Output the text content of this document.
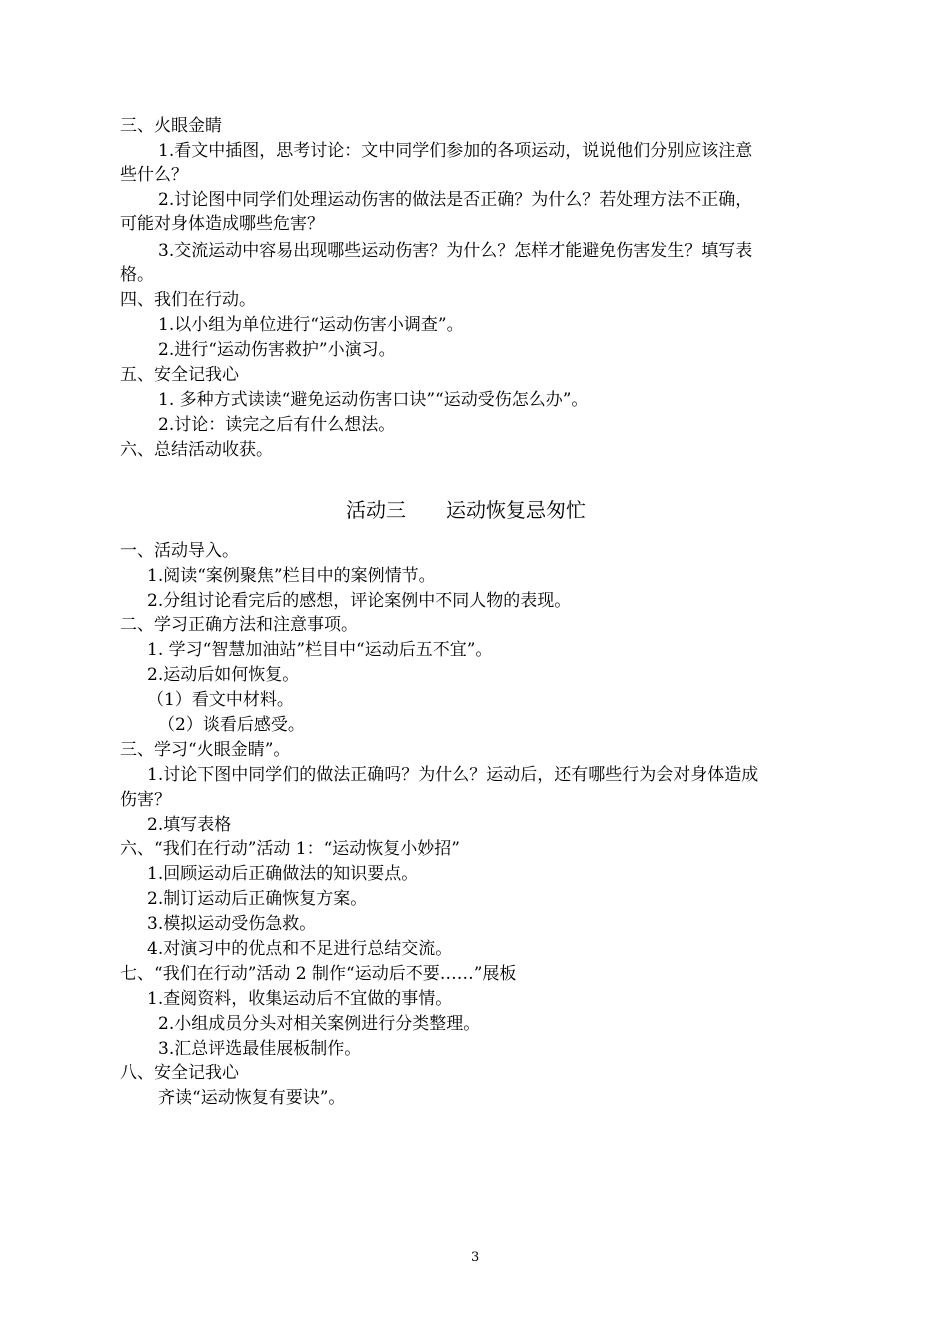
三、火眼金睛
1.看文中插图，思考讨论：文中同学们参加的各项运动，说说他们分别应该注意
些什么？
2.讨论图中同学们处理运动伤害的做法是否正确？为什么？若处理方法不正确，
可能对身体造成哪些危害？
3.交流运动中容易出现哪些运动伤害？为什么？怎样才能避免伤害发生？填写表
格。
四、我们在行动。
1.以小组为单位进行“运动伤害小调查”。
2.进行“运动伤害救护”小演习。
五、安全记我心
1. 多种方式读读“避免运动伤害口诀”“运动受伤怎么办”。
2.讨论：读完之后有什么想法。
六、总结活动收获。
活动三　　运动恢复忌匆忙
一、活动导入。
1.阅读“案例聚焦”栏目中的案例情节。
2.分组讨论看完后的感想，评论案例中不同人物的表现。
二、学习正确方法和注意事项。
1. 学习“智慧加油站”栏目中“运动后五不宜”。
2.运动后如何恢复。
（1）看文中材料。
（2）谈看后感受。
三、学习“火眼金睛”。
1.讨论下图中同学们的做法正确吗？为什么？运动后，还有哪些行为会对身体造成
伤害？
2.填写表格
六、“我们在行动”活动 1：“运动恢复小妙招”
1.回顾运动后正确做法的知识要点。
2.制订运动后正确恢复方案。
3.模拟运动受伤急救。
4.对演习中的优点和不足进行总结交流。
七、“我们在行动”活动 2 制作“运动后不要……”展板
1.查阅资料，收集运动后不宜做的事情。
2.小组成员分头对相关案例进行分类整理。
3.汇总评选最佳展板制作。
八、安全记我心
齐读“运动恢复有要诀”。
3
